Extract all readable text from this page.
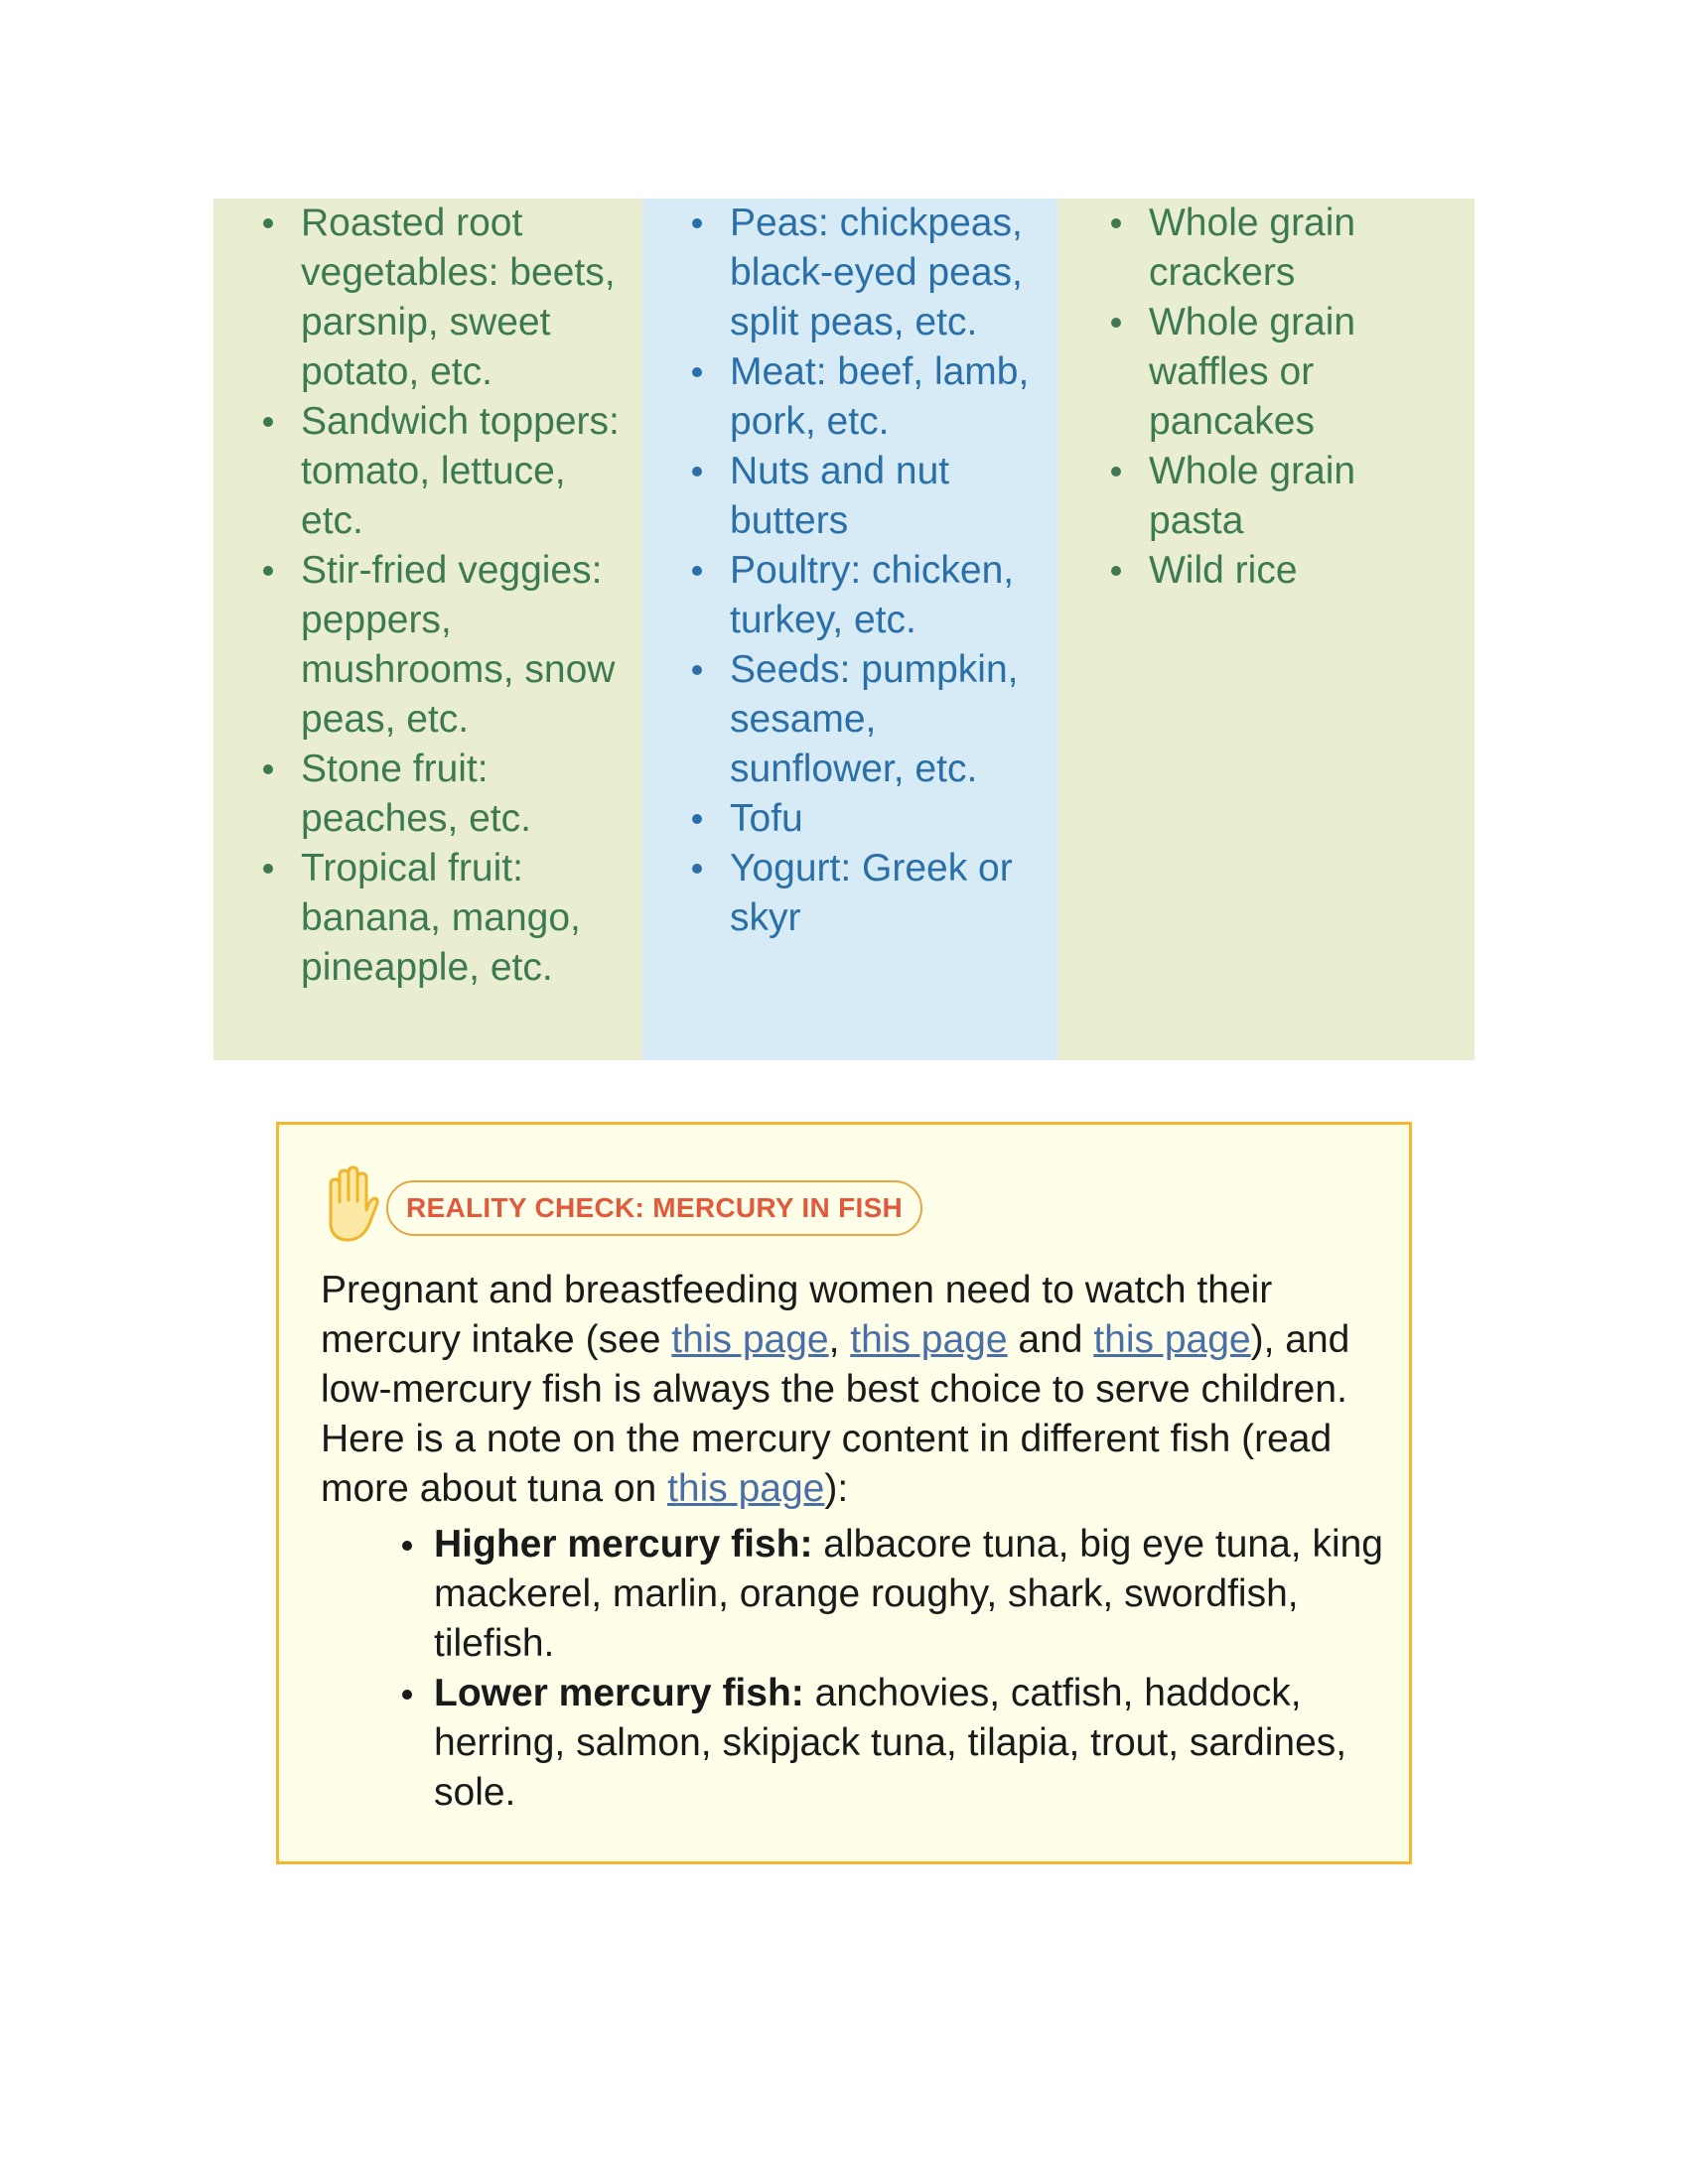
Roasted root vegetables: beets, parsnip, sweet potato, etc.
Sandwich toppers: tomato, lettuce, etc.
Stir-fried veggies: peppers, mushrooms, snow peas, etc.
Stone fruit: peaches, etc.
Tropical fruit: banana, mango, pineapple, etc.
Peas: chickpeas, black-eyed peas, split peas, etc.
Meat: beef, lamb, pork, etc.
Nuts and nut butters
Poultry: chicken, turkey, etc.
Seeds: pumpkin, sesame, sunflower, etc.
Tofu
Yogurt: Greek or skyr
Whole grain crackers
Whole grain waffles or pancakes
Whole grain pasta
Wild rice
REALITY CHECK: MERCURY IN FISH

Pregnant and breastfeeding women need to watch their mercury intake (see this page, this page and this page), and low-mercury fish is always the best choice to serve children. Here is a note on the mercury content in different fish (read more about tuna on this page):

Higher mercury fish: albacore tuna, big eye tuna, king mackerel, marlin, orange roughy, shark, swordfish, tilefish.
Lower mercury fish: anchovies, catfish, haddock, herring, salmon, skipjack tuna, tilapia, trout, sardines, sole.
